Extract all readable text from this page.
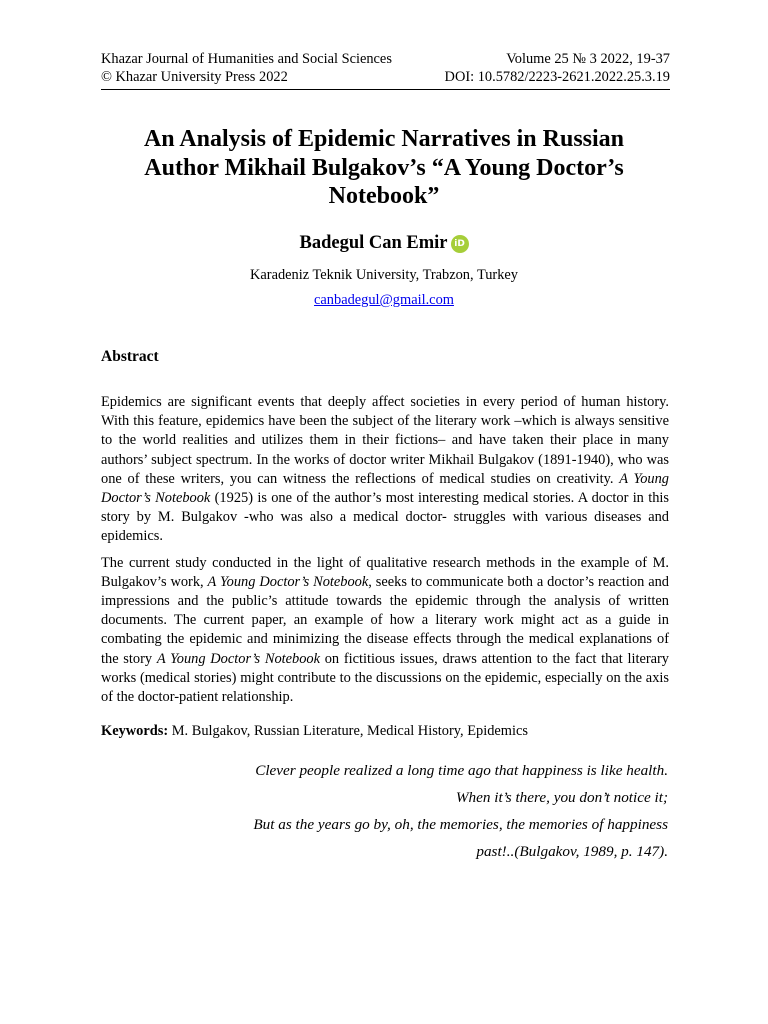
Khazar Journal of Humanities and Social Sciences	Volume 25 № 3 2022, 19-37
© Khazar University Press 2022	DOI: 10.5782/2223-2621.2022.25.3.19
An Analysis of Epidemic Narratives in Russian
Author Mikhail Bulgakov’s “A Young Doctor’s
Notebook”
Badegul Can Emir iD
Karadeniz Teknik University, Trabzon, Turkey
canbadegul@gmail.com
Abstract

Epidemics are significant events that deeply affect societies in every period of human history. With this feature, epidemics have been the subject of the literary work –which is always sensitive to the world realities and utilizes them in their fictions– and have taken their place in many authors’ subject spectrum. In the works of doctor writer Mikhail Bulgakov (1891-1940), who was one of these writers, you can witness the reflections of medical studies on creativity. A Young Doctor’s Notebook (1925) is one of the author’s most interesting medical stories. A doctor in this story by M. Bulgakov -who was also a medical doctor- struggles with various diseases and epidemics.

The current study conducted in the light of qualitative research methods in the example of M. Bulgakov’s work, A Young Doctor’s Notebook, seeks to communicate both a doctor’s reaction and impressions and the public’s attitude towards the epidemic through the analysis of written documents. The current paper, an example of how a literary work might act as a guide in combating the epidemic and minimizing the disease effects through the medical explanations of the story A Young Doctor’s Notebook on fictitious issues, draws attention to the fact that literary works (medical stories) might contribute to the discussions on the epidemic, especially on the axis of the doctor-patient relationship.

Keywords: M. Bulgakov, Russian Literature, Medical History, Epidemics
Clever people realized a long time ago that happiness is like health.
When it’s there, you don’t notice it;
But as the years go by, oh, the memories, the memories of happiness
past!..(Bulgakov, 1989, p. 147).
